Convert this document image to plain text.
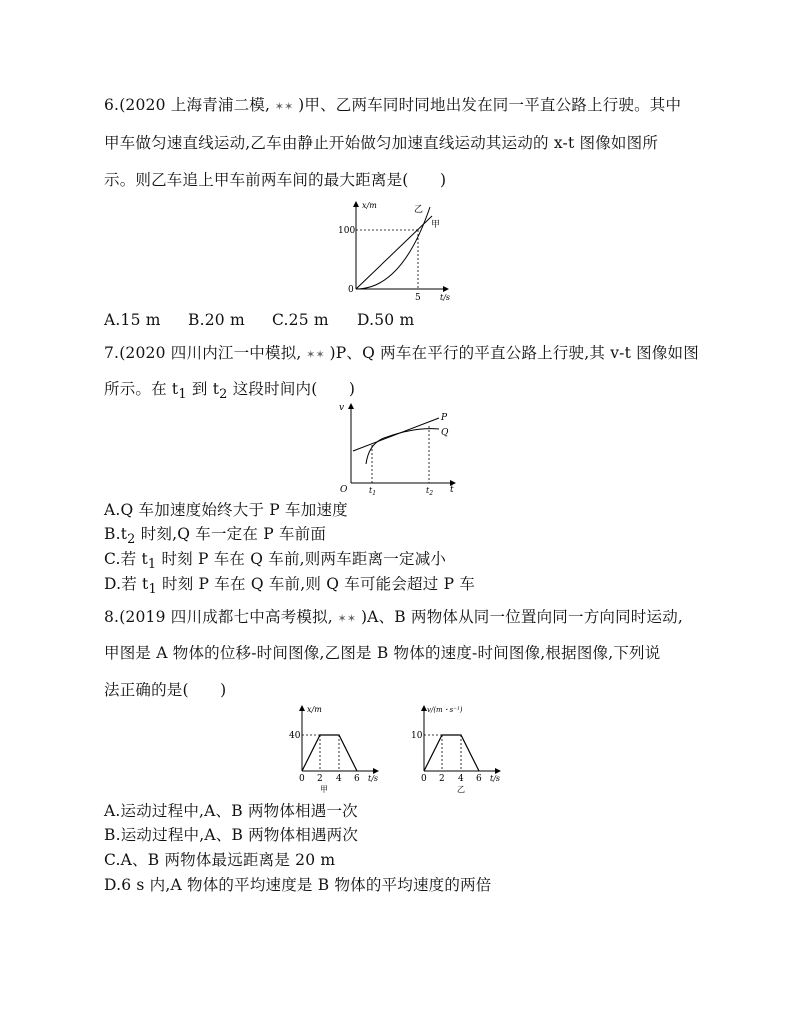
6.(2020 上海青浦二模, ✶✶ )甲、乙两车同时同地出发在同一平直公路上行驶。其中
甲车做匀速直线运动,乙车由静止开始做匀加速直线运动其运动的 x-t 图像如图所
示。则乙车追上甲车前两车间的最大距离是(　　)
x/m
100
0
5 t/s
乙
甲
A.15 m B.20 m C.25 m D.50 m
7.(2020 四川内江一中模拟, ✶✶ )P、Q 两车在平行的平直公路上行驶,其 v-t 图像如图
所示。在 $t_1$ 到 $t_2$ 这段时间内(　　)
v
O	t
$t_1$	$t_2$
P
Q
A.Q 车加速度始终大于 P 车加速度
$B.t_2$ 时刻,Q 车一定在 P 车前面
C.若 $t_1$ 时刻 P 车在 Q 车前,则两车距离一定减小
D.若 $t_1$ 时刻 P 车在 Q 车前,则 Q 车可能会超过 P 车
8.(2019 四川成都七中高考模拟, ✶✶ )A、B 两物体从同一位置向同一方向同时运动,
甲图是 A 物体的位移-时间图像,乙图是 B 物体的速度-时间图像,根据图像,下列说
法正确的是(　　)
x/m
40
0 2 4 6 t/s
甲
v/(m・s⁻¹)
10
0 2 4 6 t/s
乙
A.运动过程中,A、B 两物体相遇一次
B.运动过程中,A、B 两物体相遇两次
C.A、B 两物体最远距离是 20 m
D.6 s 内,A 物体的平均速度是 B 物体的平均速度的两倍
